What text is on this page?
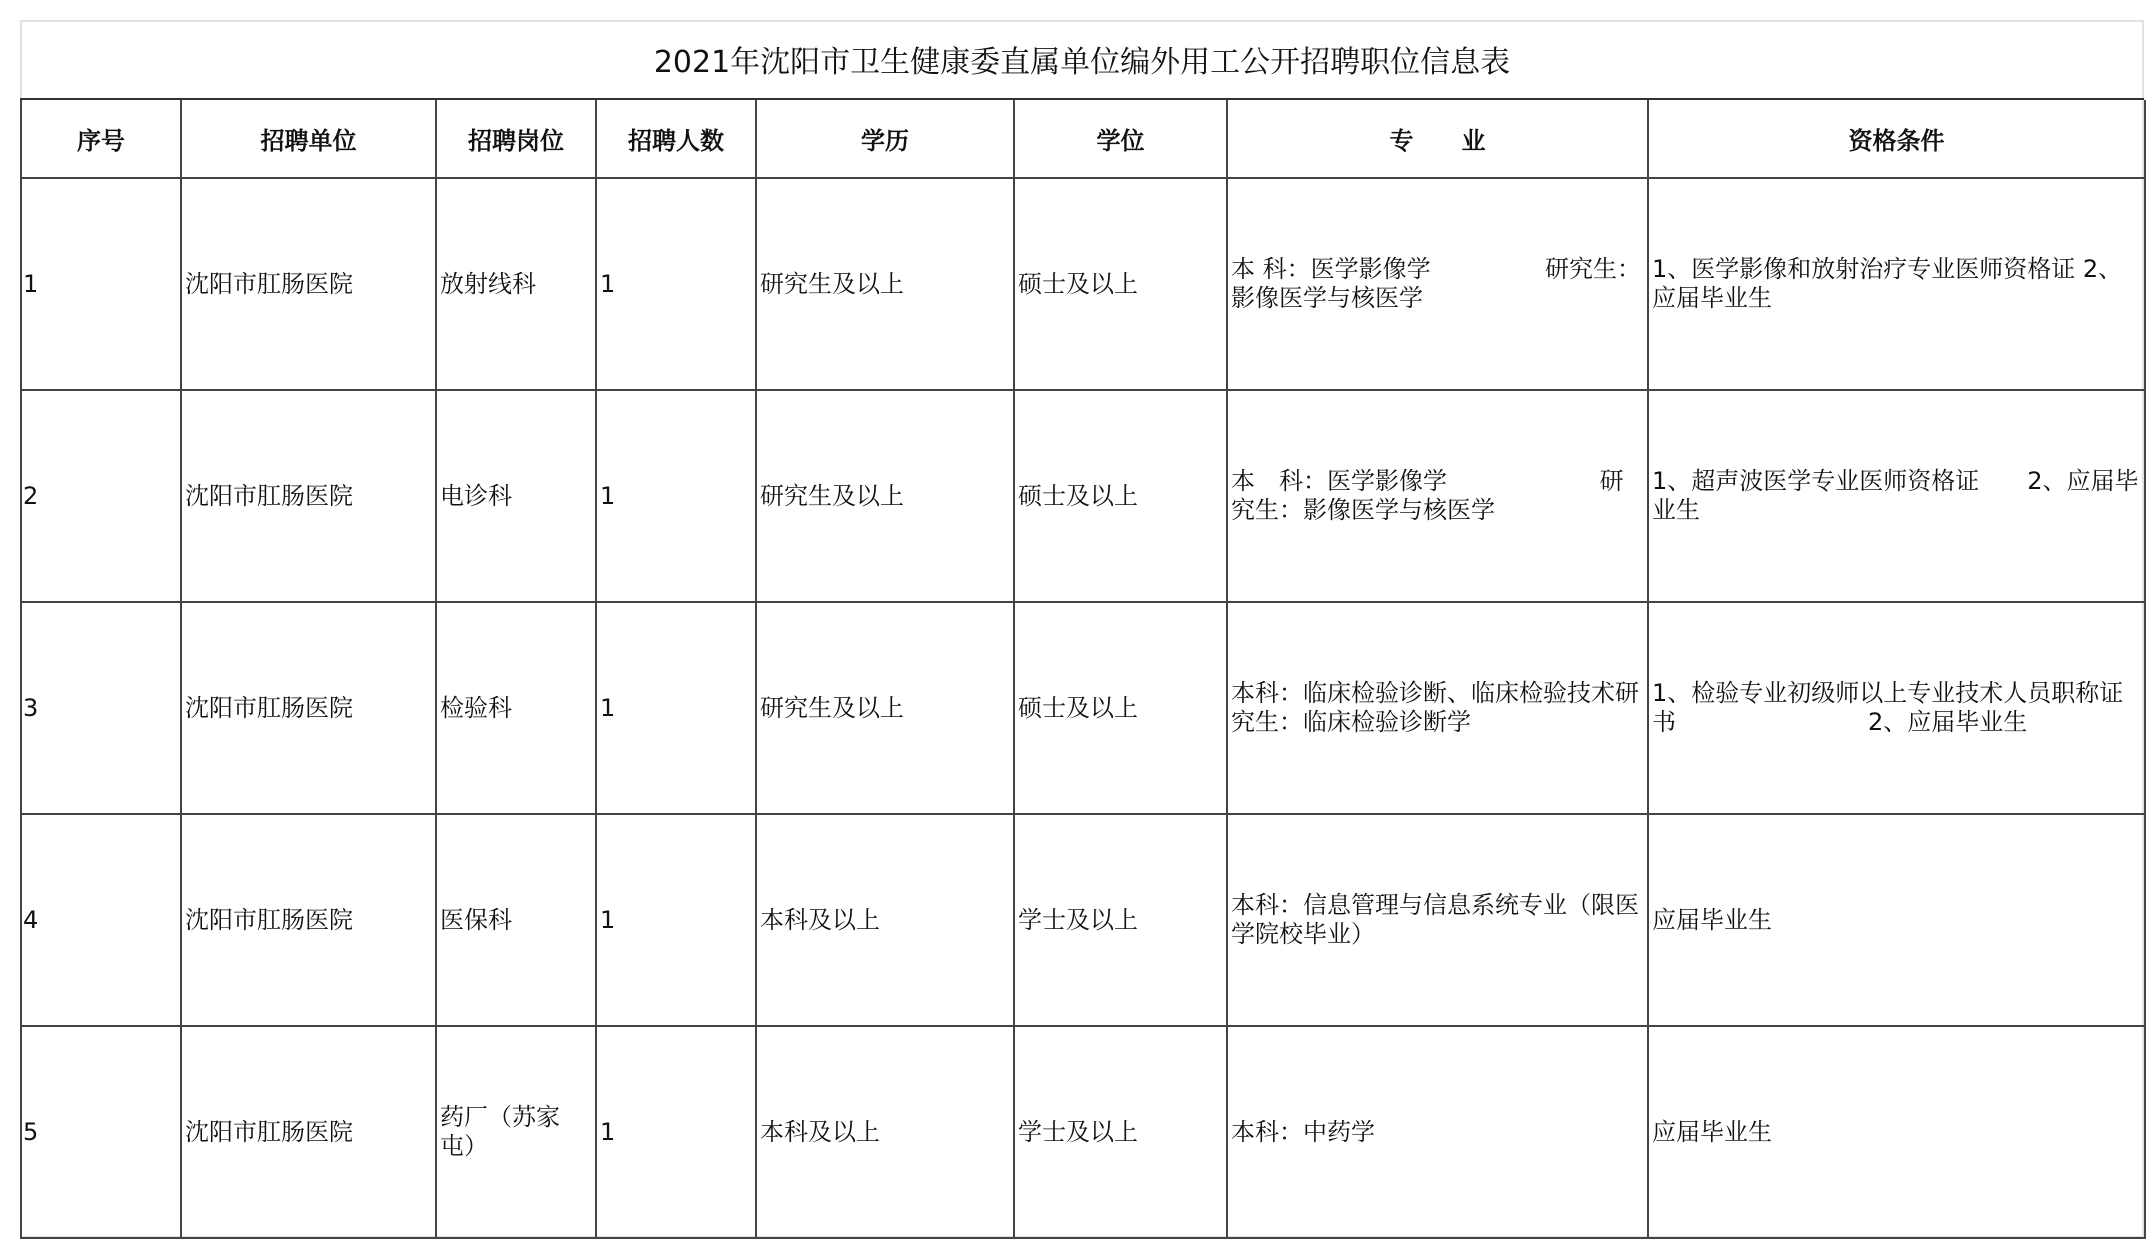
2021年沈阳市卫生健康委直属单位编外用工公开招聘职位信息表
序号	招聘单位	招聘岗位	招聘人数	学历	学位	专　　业	资格条件
1	沈阳市肛肠医院	放射线科	1	研究生及以上	硕士及以上	本 科：医学影像学               研究生：影像医学与核医学	1、医学影像和放射治疗专业医师资格证 2、应届毕业生
2	沈阳市肛肠医院	电诊科	1	研究生及以上	硕士及以上	本　科：医学影像学                    研究生：影像医学与核医学	1、超声波医学专业医师资格证　　2、应届毕业生
3	沈阳市肛肠医院	检验科	1	研究生及以上	硕士及以上	本科：临床检验诊断、临床检验技术研究生：临床检验诊断学	1、检验专业初级师以上专业技术人员职称证书　　　　　　　　2、应届毕业生
4	沈阳市肛肠医院	医保科	1	本科及以上	学士及以上	本科：信息管理与信息系统专业（限医学院校毕业）	应届毕业生
5	沈阳市肛肠医院	药厂（苏家屯）	1	本科及以上	学士及以上	本科：中药学	应届毕业生
